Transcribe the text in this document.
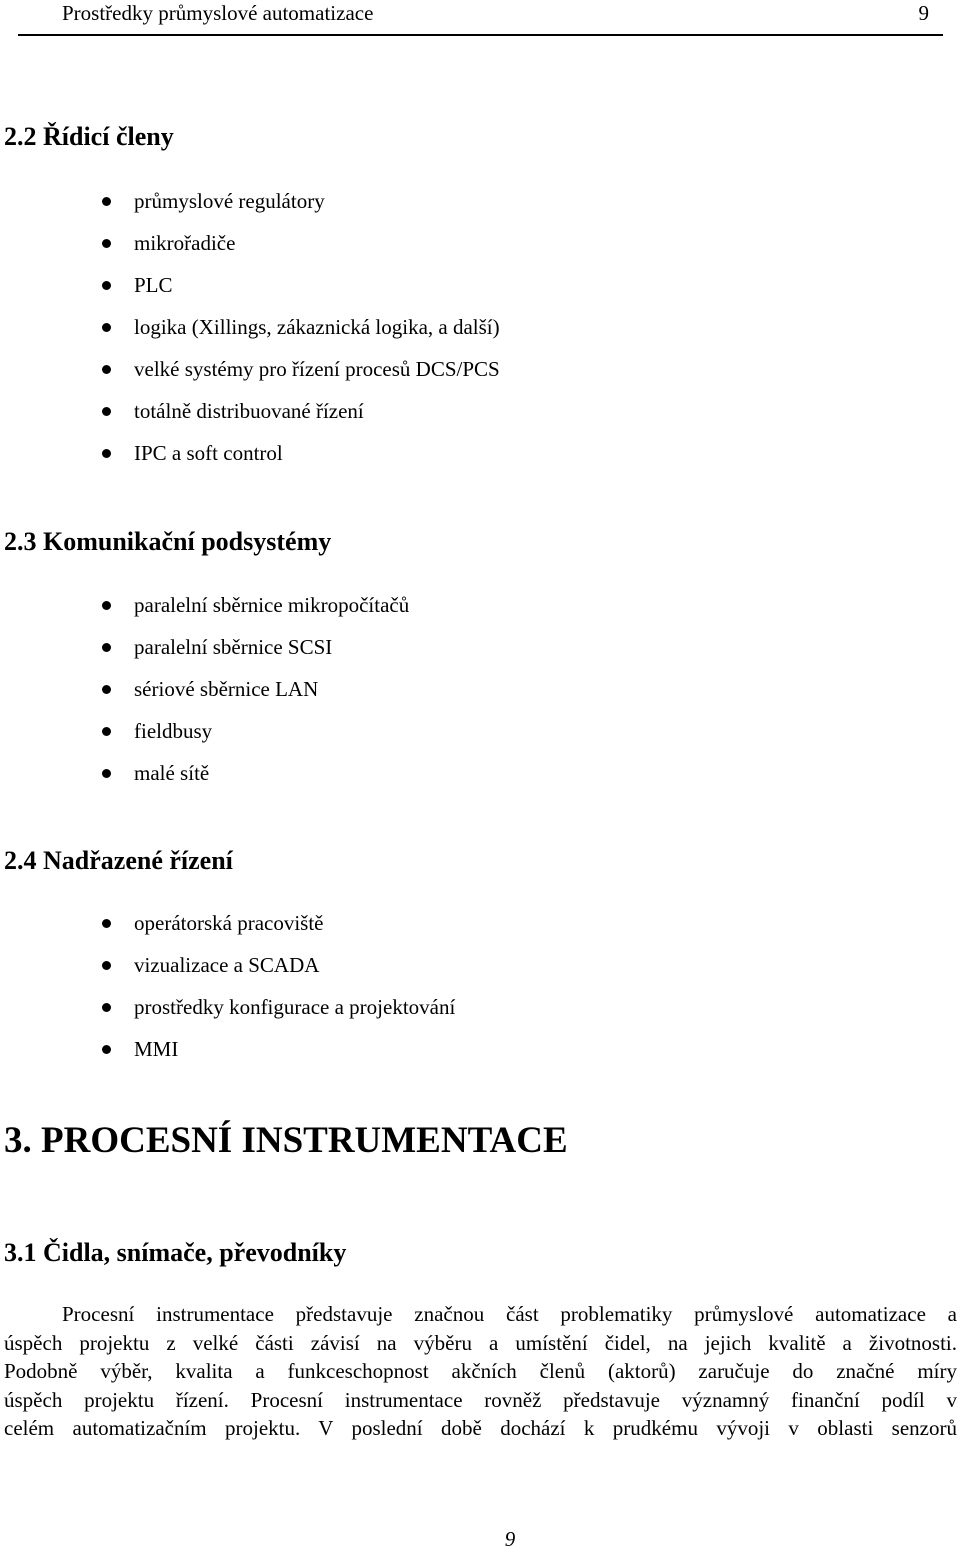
Prostředky průmyslové automatizace	9
2.2 Řídicí členy
průmyslové regulátory
mikrořadiče
PLC
logika (Xillings, zákaznická logika, a další)
velké systémy pro řízení procesů DCS/PCS
totálně distribuované řízení
IPC a soft control
2.3 Komunikační podsystémy
paralelní sběrnice mikropočítačů
paralelní sběrnice SCSI
sériové sběrnice LAN
fieldbusy
malé sítě
2.4 Nadřazené řízení
operátorská pracoviště
vizualizace a SCADA
prostředky konfigurace a projektování
MMI
3. PROCESNÍ INSTRUMENTACE
3.1 Čidla, snímače, převodníky
Procesní instrumentace představuje značnou část problematiky průmyslové automatizace a
úspěch projektu z velké části závisí na výběru a umístění čidel, na jejich kvalitě a životnosti.
Podobně výběr, kvalita a funkceschopnost akčních členů (aktorů) zaručuje do značné míry
úspěch projektu řízení. Procesní instrumentace rovněž představuje významný finanční podíl v
celém automatizačním projektu. V poslední době dochází k prudkému vývoji v oblasti senzorů
9
